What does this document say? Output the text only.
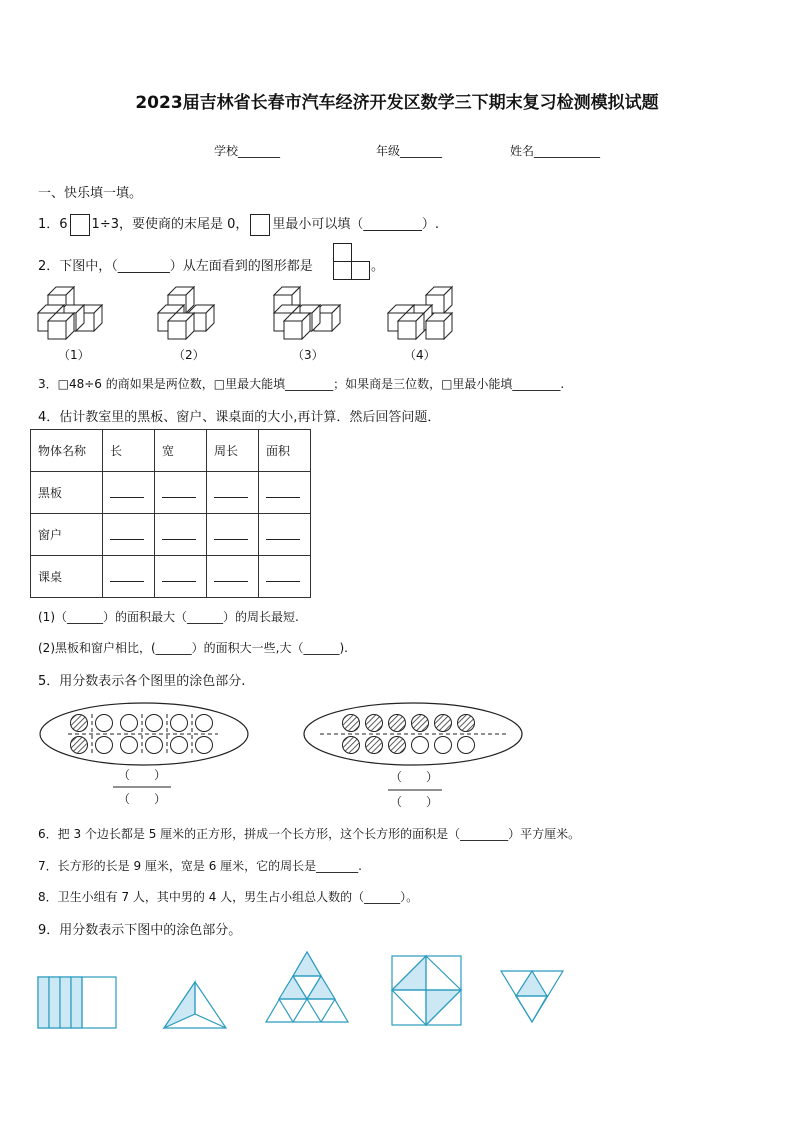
2023届吉林省长春市汽车经济开发区数学三下期末复习检测模拟试题
学校_______	年级_______	姓名___________
一、快乐填一填。
1．6 1÷3，要使商的末尾是 0， 里最小可以填（_________）.
2．下图中，（________）从左面看到的图形都是	。
（1）	（2）	（3）	（4）
3．□48÷6 的商如果是两位数，□里最大能填________；如果商是三位数，□里最小能填________.
4．估计教室里的黑板、窗户、课桌面的大小,再计算．然后回答问题．
物体名称	长	宽	周长	面积
黑板				
窗户				
课桌				
(1)（______）的面积最大（______）的周长最短.
(2)黑板和窗户相比，(______）的面积大一些,大（______).
5．用分数表示各个图里的涂色部分.
（　　）
（　　）
（　　）
（　　）
6．把 3 个边长都是 5 厘米的正方形，拼成一个长方形，这个长方形的面积是（________）平方厘米。
7．长方形的长是 9 厘米，宽是 6 厘米，它的周长是_______.
8．卫生小组有 7 人，其中男的 4 人，男生占小组总人数的（______）。
9．用分数表示下图中的涂色部分。
